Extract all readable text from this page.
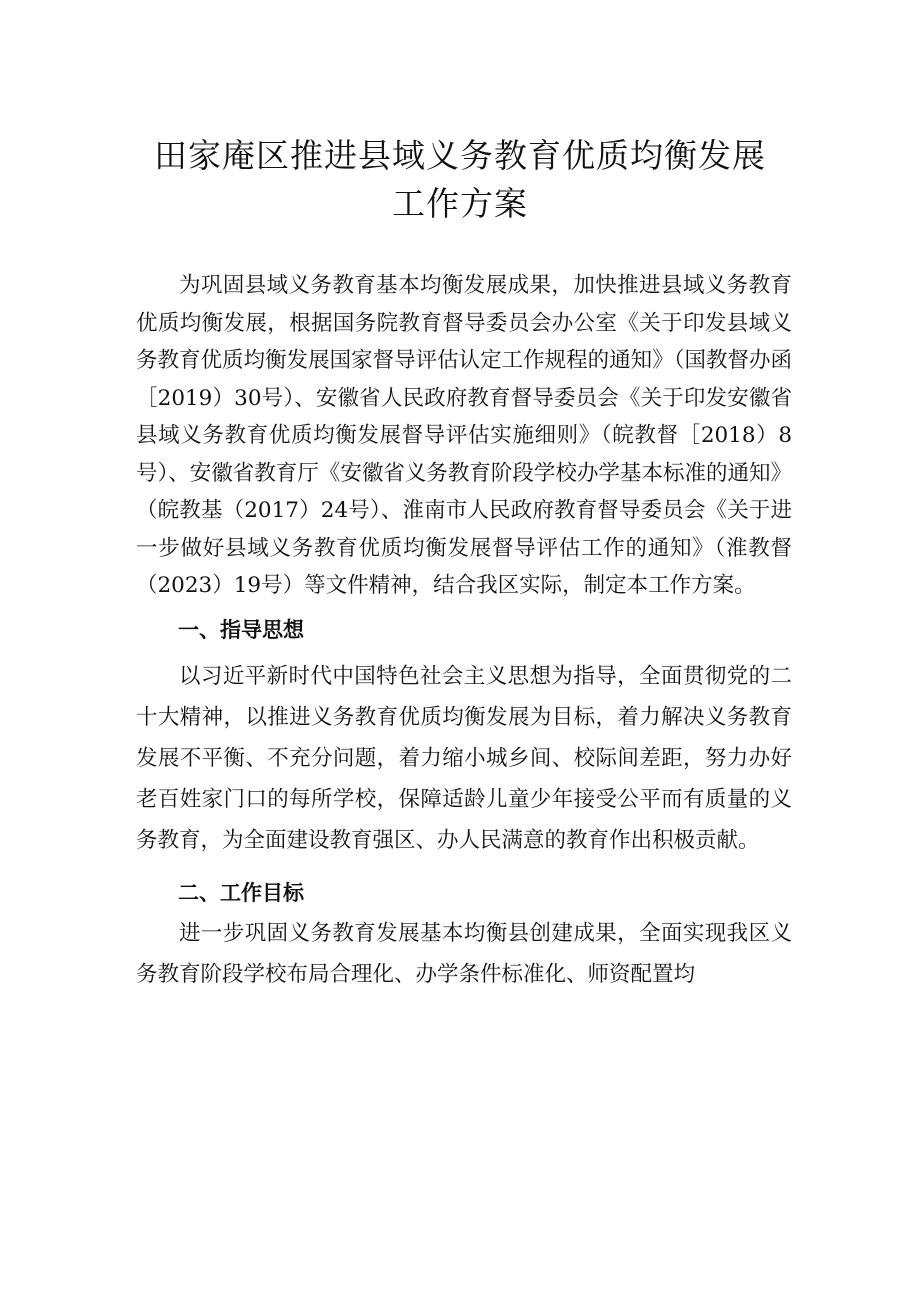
田家庵区推进县域义务教育优质均衡发展
工作方案

为巩固县域义务教育基本均衡发展成果，加快推进县域义务教育优质均衡发展，根据国务院教育督导委员会办公室《关于印发县域义务教育优质均衡发展国家督导评估认定工作规程的通知》（国教督办函［2019）30号）、安徽省人民政府教育督导委员会《关于印发安徽省县域义务教育优质均衡发展督导评估实施细则》（皖教督［2018）8号）、安徽省教育厅《安徽省义务教育阶段学校办学基本标准的通知》（皖教基（2017）24号）、淮南市人民政府教育督导委员会《关于进一步做好县域义务教育优质均衡发展督导评估工作的通知》（淮教督（2023）19号）等文件精神，结合我区实际，制定本工作方案。

一、指导思想

以习近平新时代中国特色社会主义思想为指导，全面贯彻党的二十大精神，以推进义务教育优质均衡发展为目标，着力解决义务教育发展不平衡、不充分问题，着力缩小城乡间、校际间差距，努力办好老百姓家门口的每所学校，保障适龄儿童少年接受公平而有质量的义务教育，为全面建设教育强区、办人民满意的教育作出积极贡献。

二、工作目标

进一步巩固义务教育发展基本均衡县创建成果，全面实现我区义务教育阶段学校布局合理化、办学条件标准化、师资配置均
